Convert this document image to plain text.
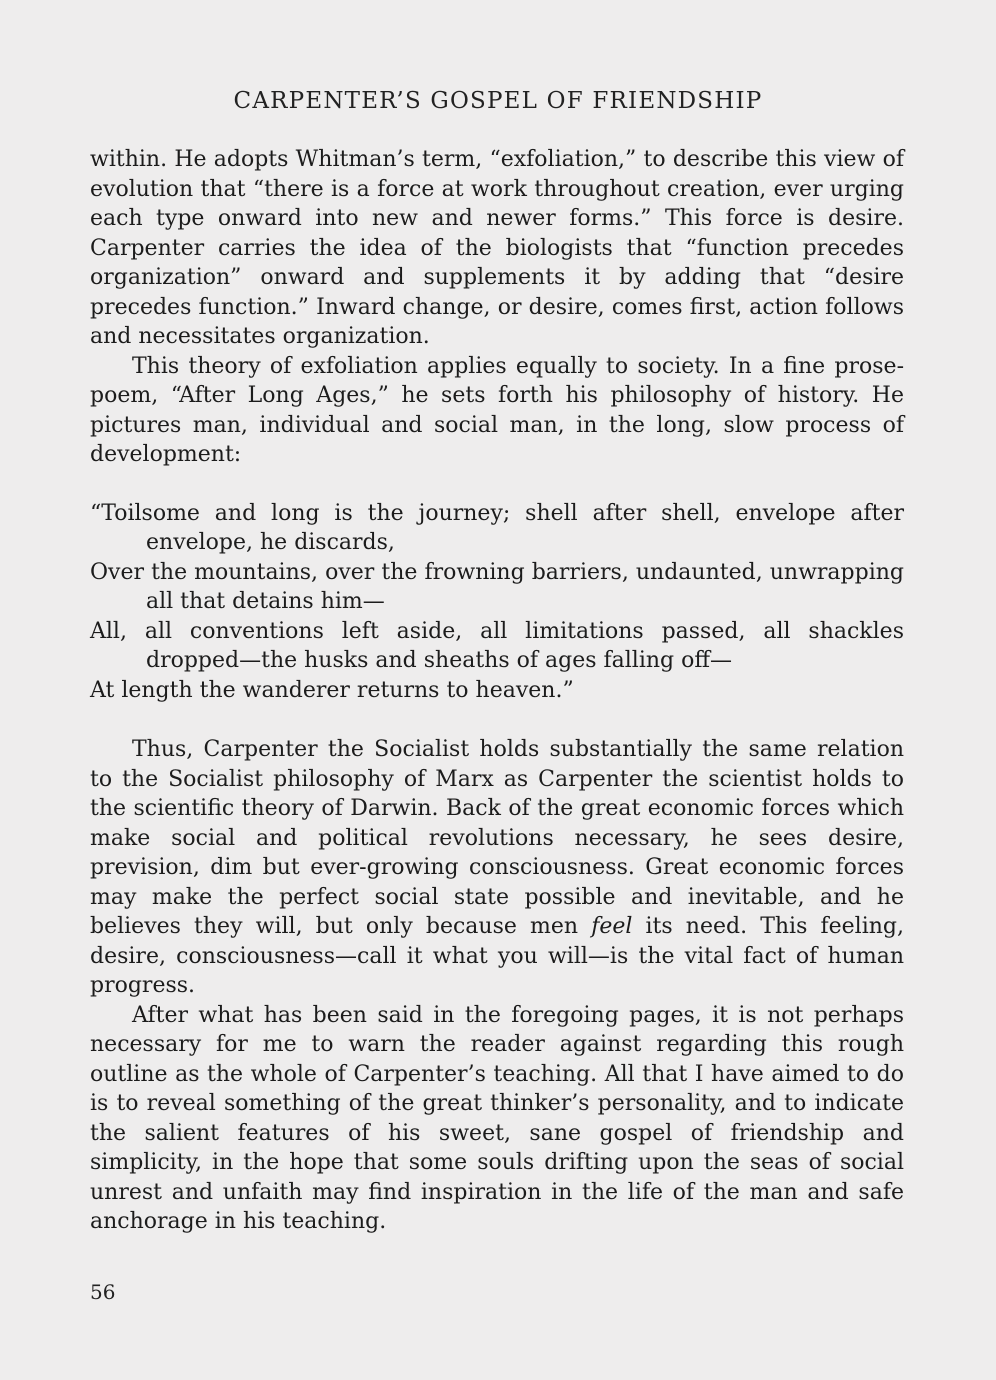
CARPENTER’S GOSPEL OF FRIENDSHIP

within. He adopts Whitman’s term, “exfoliation,” to describe this view of evolution that “there is a force at work throughout creation, ever urging each type onward into new and newer forms.” This force is desire. Carpenter carries the idea of the biologists that “function precedes organization” onward and supplements it by adding that “desire precedes function.” Inward change, or desire, comes first, action follows and necessitates organization.

This theory of exfoliation applies equally to society. In a fine prose-poem, “After Long Ages,” he sets forth his philosophy of history. He pictures man, individual and social man, in the long, slow process of development:

“Toilsome and long is the journey; shell after shell, envelope after envelope, he discards,
Over the mountains, over the frowning barriers, undaunted, unwrapping all that detains him—
All, all conventions left aside, all limitations passed, all shackles dropped—the husks and sheaths of ages falling off—
At length the wanderer returns to heaven.”

Thus, Carpenter the Socialist holds substantially the same relation to the Socialist philosophy of Marx as Carpenter the scientist holds to the scientific theory of Darwin. Back of the great economic forces which make social and political revolutions necessary, he sees desire, prevision, dim but ever-growing consciousness. Great economic forces may make the perfect social state possible and inevitable, and he believes they will, but only because men feel its need. This feeling, desire, consciousness—call it what you will—is the vital fact of human progress.

After what has been said in the foregoing pages, it is not perhaps necessary for me to warn the reader against regarding this rough outline as the whole of Carpenter’s teaching. All that I have aimed to do is to reveal something of the great thinker’s personality, and to indicate the salient features of his sweet, sane gospel of friendship and simplicity, in the hope that some souls drifting upon the seas of social unrest and unfaith may find inspiration in the life of the man and safe anchorage in his teaching.

56
